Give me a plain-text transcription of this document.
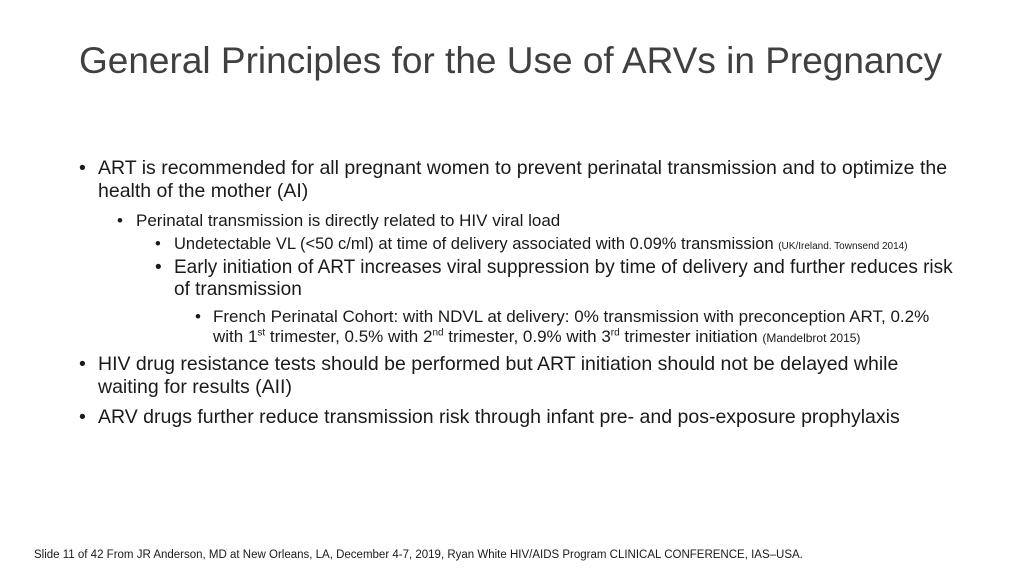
General Principles for the Use of ARVs in Pregnancy

• ART is recommended for all pregnant women to prevent perinatal transmission and to optimize the health of the mother (AI)

• Perinatal transmission is directly related to HIV viral load

• Undetectable VL (<50 c/ml) at time of delivery associated with 0.09% transmission (UK/Ireland. Townsend 2014)

• Early initiation of ART increases viral suppression by time of delivery and further reduces risk of transmission

• French Perinatal Cohort: with NDVL at delivery: 0% transmission with preconception ART, 0.2% with 1st trimester, 0.5% with 2nd trimester, 0.9% with 3rd trimester initiation (Mandelbrot 2015)

• HIV drug resistance tests should be performed but ART initiation should not be delayed while waiting for results (AII)

• ARV drugs further reduce transmission risk through infant pre- and pos-exposure prophylaxis

Slide 11 of 42 From JR Anderson, MD at New Orleans, LA, December 4-7, 2019, Ryan White HIV/AIDS Program CLINICAL CONFERENCE, IAS–USA.
